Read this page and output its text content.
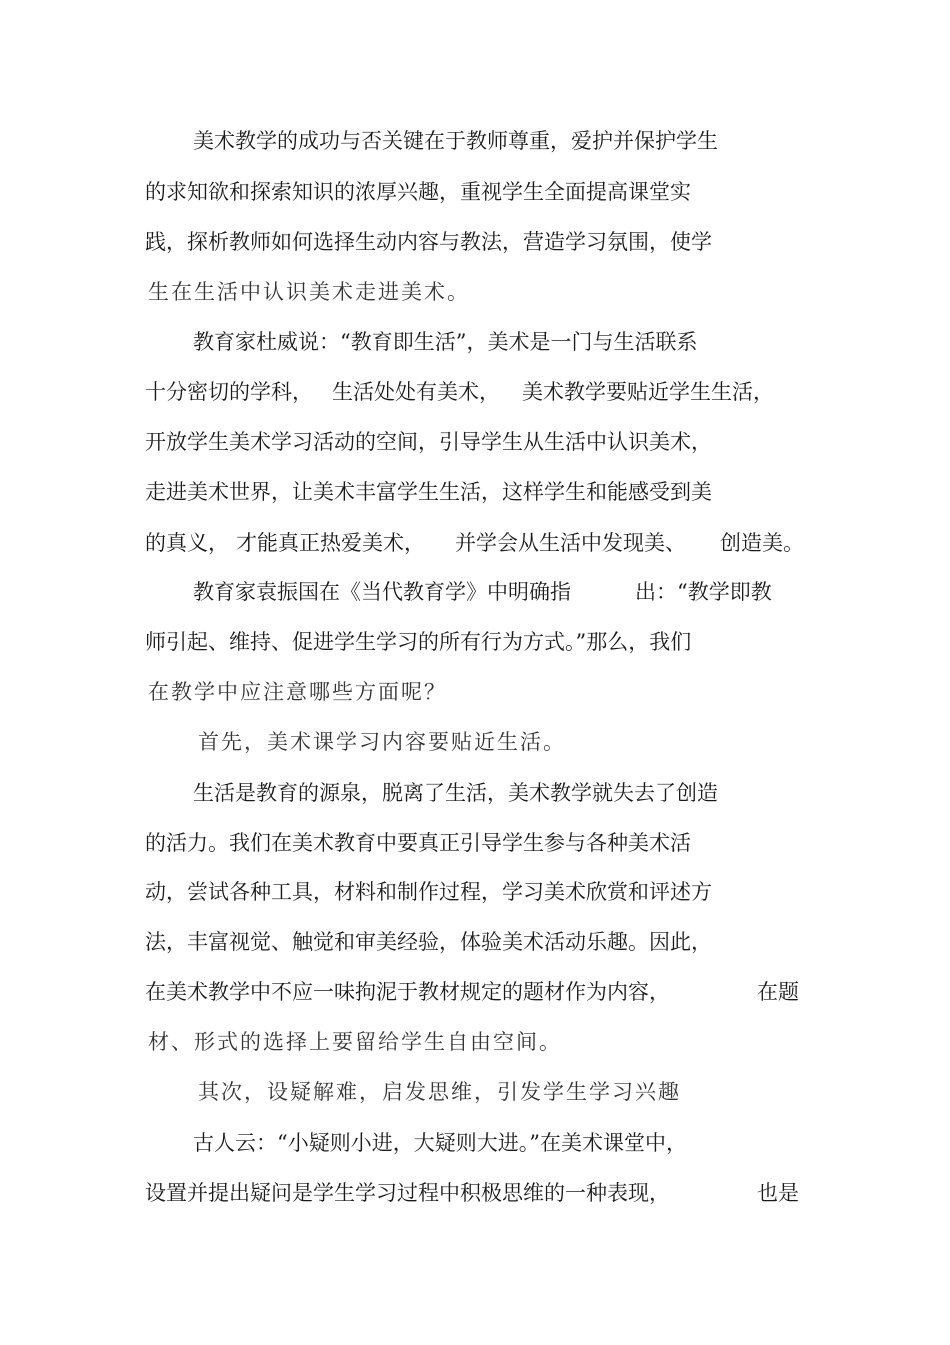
美术教学的成功与否关键在于教师尊重，爱护并保护学生
的求知欲和探索知识的浓厚兴趣，重视学生全面提高课堂实
践，探析教师如何选择生动内容与教法，营造学习氛围，使学
生在生活中认识美术走进美术。
教育家杜威说：“教育即生活”，美术是一门与生活联系
十分密切的学科， 生活处处有美术， 美术教学要贴近学生生活，
开放学生美术学习活动的空间，引导学生从生活中认识美术，
走进美术世界，让美术丰富学生生活，这样学生和能感受到美
的真义， 才能真正热爱美术， 并学会从生活中发现美、 创造美。
教育家袁振国在《当代教育学》中明确指	出：“教学即教
师引起、维持、促进学生学习的所有行为方式。”那么，我们
在教学中应注意哪些方面呢？
首先，美术课学习内容要贴近生活。
生活是教育的源泉，脱离了生活，美术教学就失去了创造
的活力。我们在美术教育中要真正引导学生参与各种美术活
动，尝试各种工具，材料和制作过程，学习美术欣赏和评述方
法，丰富视觉、触觉和审美经验，体验美术活动乐趣。因此，
在美术教学中不应一味拘泥于教材规定的题材作为内容，	在题
材、形式的选择上要留给学生自由空间。
其次，设疑解难，启发思维，引发学生学习兴趣
古人云：“小疑则小进，大疑则大进。”在美术课堂中，
设置并提出疑问是学生学习过程中积极思维的一种表现，	也是
